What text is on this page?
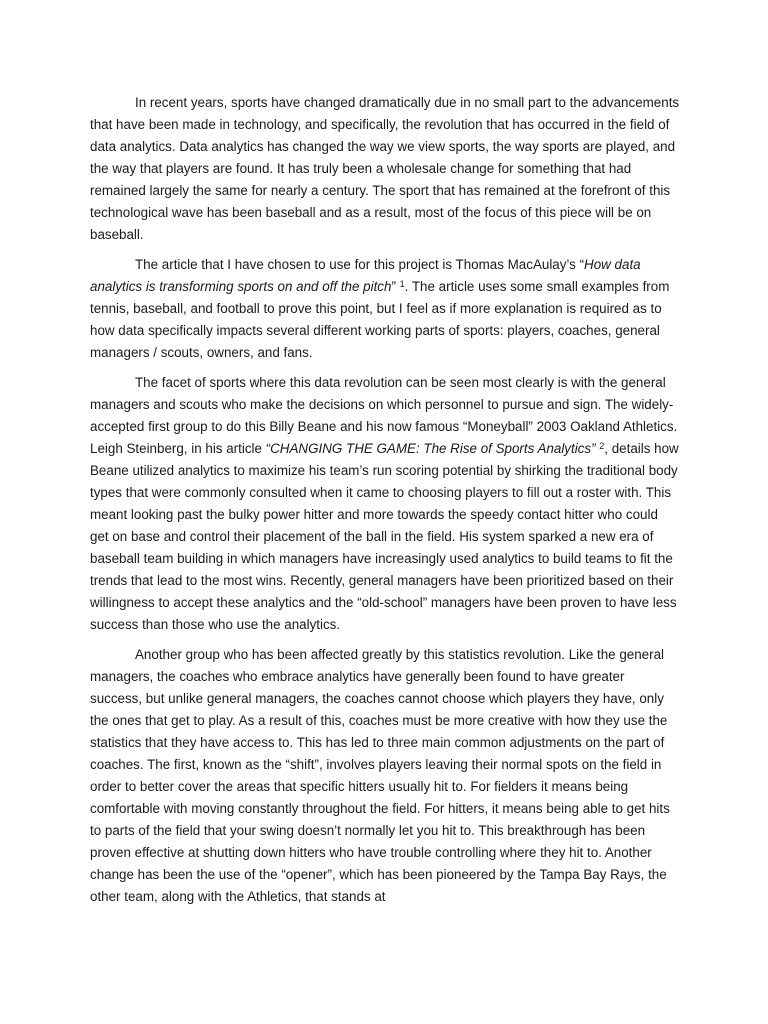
In recent years, sports have changed dramatically due in no small part to the advancements that have been made in technology, and specifically, the revolution that has occurred in the field of data analytics. Data analytics has changed the way we view sports, the way sports are played, and the way that players are found. It has truly been a wholesale change for something that had remained largely the same for nearly a century. The sport that has remained at the forefront of this technological wave has been baseball and as a result, most of the focus of this piece will be on baseball.

The article that I have chosen to use for this project is Thomas MacAulay’s “How data analytics is transforming sports on and off the pitch” $^1$. The article uses some small examples from tennis, baseball, and football to prove this point, but I feel as if more explanation is required as to how data specifically impacts several different working parts of sports: players, coaches, general managers / scouts, owners, and fans.

The facet of sports where this data revolution can be seen most clearly is with the general managers and scouts who make the decisions on which personnel to pursue and sign. The widely-accepted first group to do this Billy Beane and his now famous “Moneyball” 2003 Oakland Athletics. Leigh Steinberg, in his article “CHANGING THE GAME: The Rise of Sports Analytics” $^2$, details how Beane utilized analytics to maximize his team’s run scoring potential by shirking the traditional body types that were commonly consulted when it came to choosing players to fill out a roster with. This meant looking past the bulky power hitter and more towards the speedy contact hitter who could get on base and control their placement of the ball in the field. His system sparked a new era of baseball team building in which managers have increasingly used analytics to build teams to fit the trends that lead to the most wins. Recently, general managers have been prioritized based on their willingness to accept these analytics and the “old-school” managers have been proven to have less success than those who use the analytics.

Another group who has been affected greatly by this statistics revolution. Like the general managers, the coaches who embrace analytics have generally been found to have greater success, but unlike general managers, the coaches cannot choose which players they have, only the ones that get to play. As a result of this, coaches must be more creative with how they use the statistics that they have access to. This has led to three main common adjustments on the part of coaches. The first, known as the “shift”, involves players leaving their normal spots on the field in order to better cover the areas that specific hitters usually hit to. For fielders it means being comfortable with moving constantly throughout the field. For hitters, it means being able to get hits to parts of the field that your swing doesn’t normally let you hit to. This breakthrough has been proven effective at shutting down hitters who have trouble controlling where they hit to. Another change has been the use of the “opener”, which has been pioneered by the Tampa Bay Rays, the other team, along with the Athletics, that stands at
